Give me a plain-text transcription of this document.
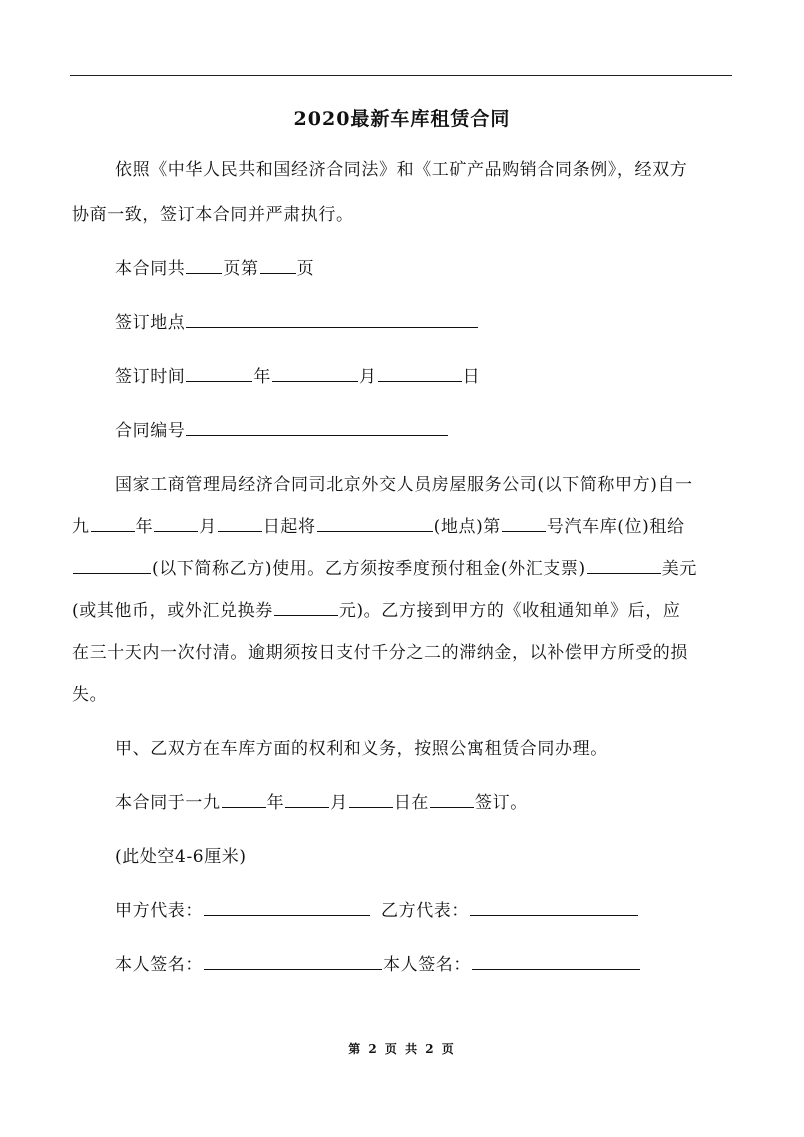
2020最新车库租赁合同
依照《中华人民共和国经济合同法》和《工矿产品购销合同条例》，经双方
协商一致，签订本合同并严肃执行。
本合同共 页第 页
签订地点
签订时间	年	月	日
合同编号
国家工商管理局经济合同司北京外交人员房屋服务公司(以下简称甲方)自一
九	年	月	日起将	(地点)第	号汽车库(位)租给
(以下简称乙方)使用。乙方须按季度预付租金(外汇支票)	美元
(或其他币，或外汇兑换券	元)。乙方接到甲方的《收租通知单》后，应
在三十天内一次付清。逾期须按日支付千分之二的滞纳金，以补偿甲方所受的损
失。
甲、乙双方在车库方面的权利和义务，按照公寓租赁合同办理。
本合同于一九	年	月	日在	签订。
(此处空4-6厘米)
甲方代表：	乙方代表：
本人签名：	本人签名：
第 2 页 共 2 页
